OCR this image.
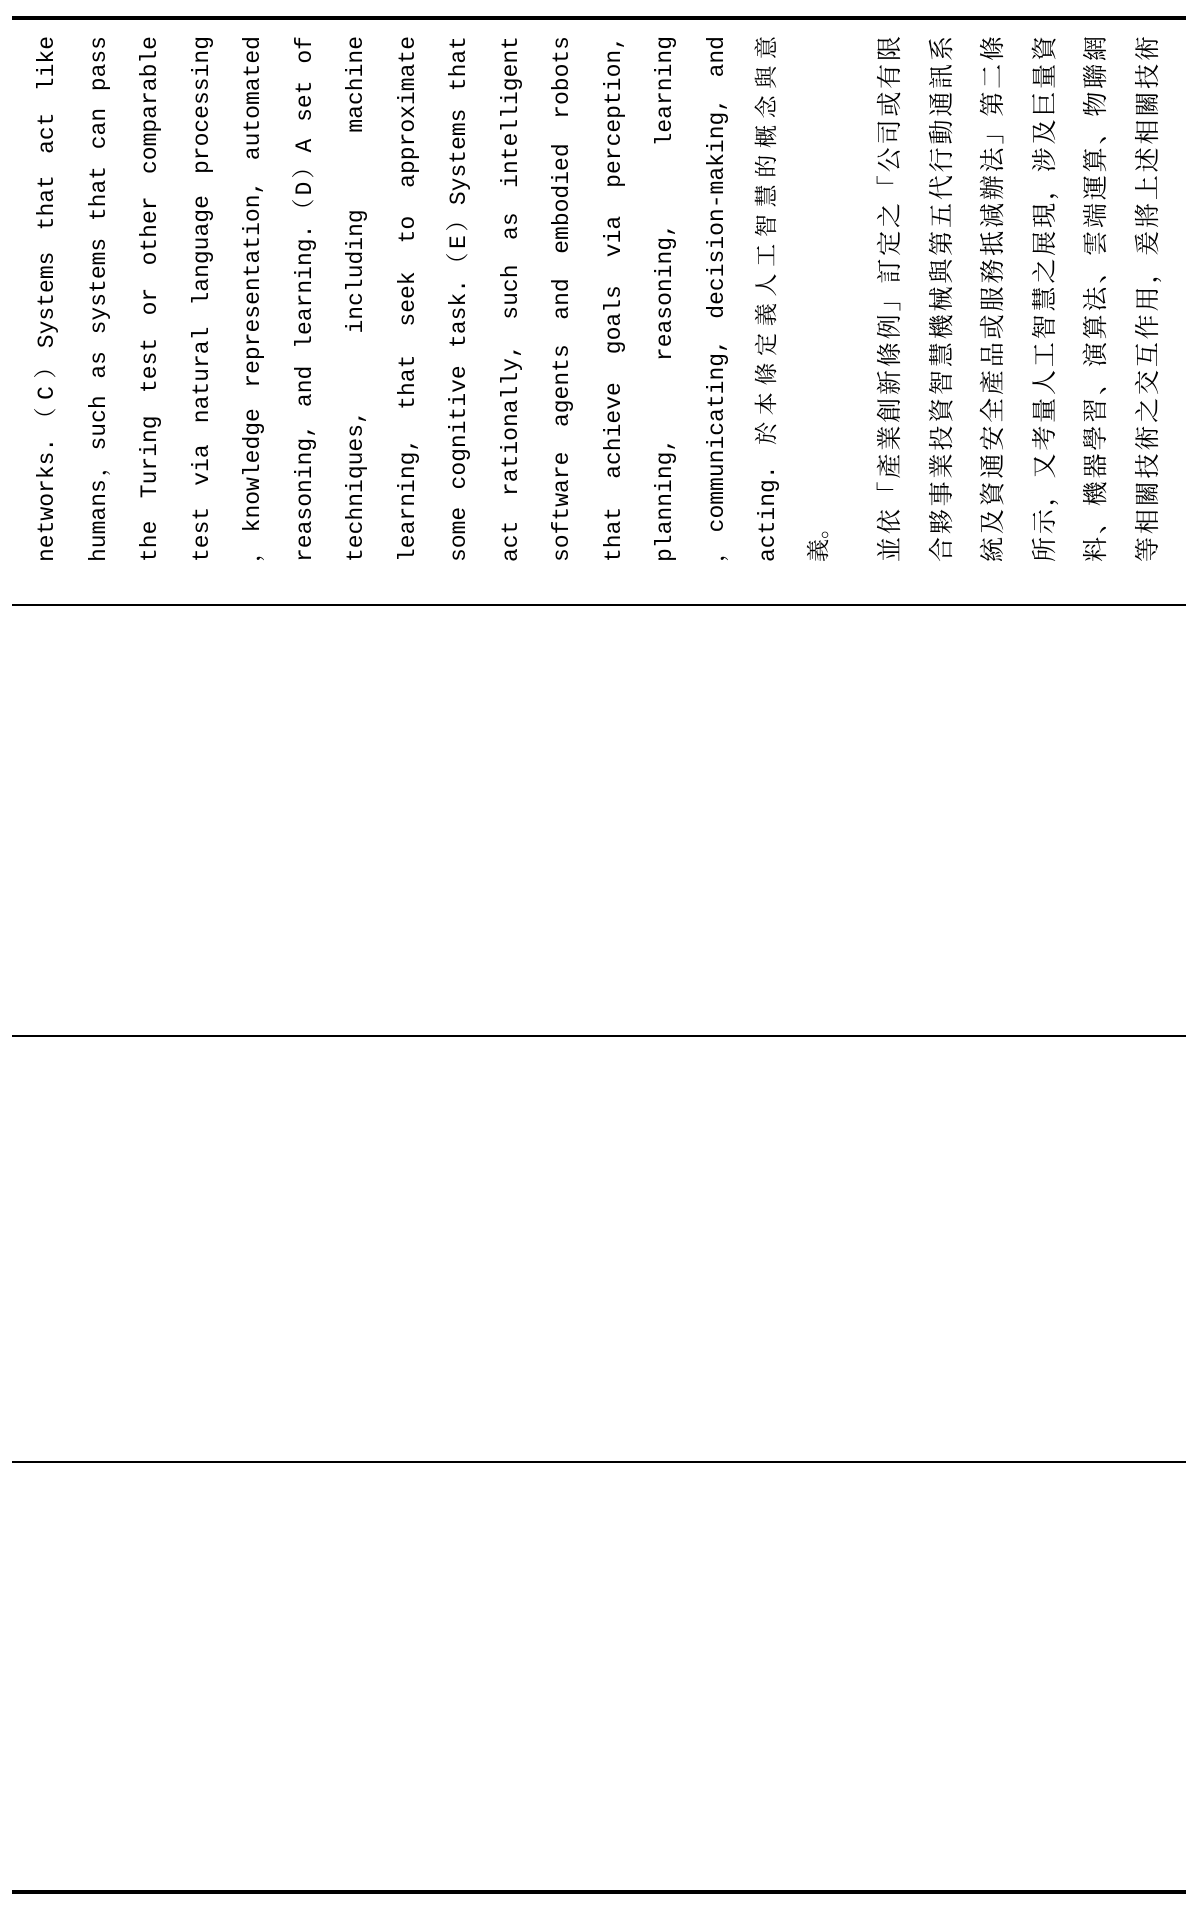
networks.（C）Systems that act like	humans，such as systems that can pass	the Turing test or other comparable	test via natural language processing	，knowledge representation, automated	reasoning, and learning.（D）A set of	techniques, including machine	learning, that seek to approximate	some cognitive task.（E）Systems that	act rationally, such as intelligent	software agents and embodied robots	that achieve goals via perception,	planning, reasoning, learning	，communicating, decision-making, and	acting. 於本條定義人工智慧的概念與意	義。	並依「產業創新條例」訂定之「公司或有限 合夥事業投資智慧機械與第五代行動通訊系 統及資通安全產品或服務抵減辦法」第二條 所示，又考量人工智慧之展現，涉及巨量資 料、機器學習、演算法、雲端運算、物聯網 等相關技術之交互作用，爰將上述相關技術
